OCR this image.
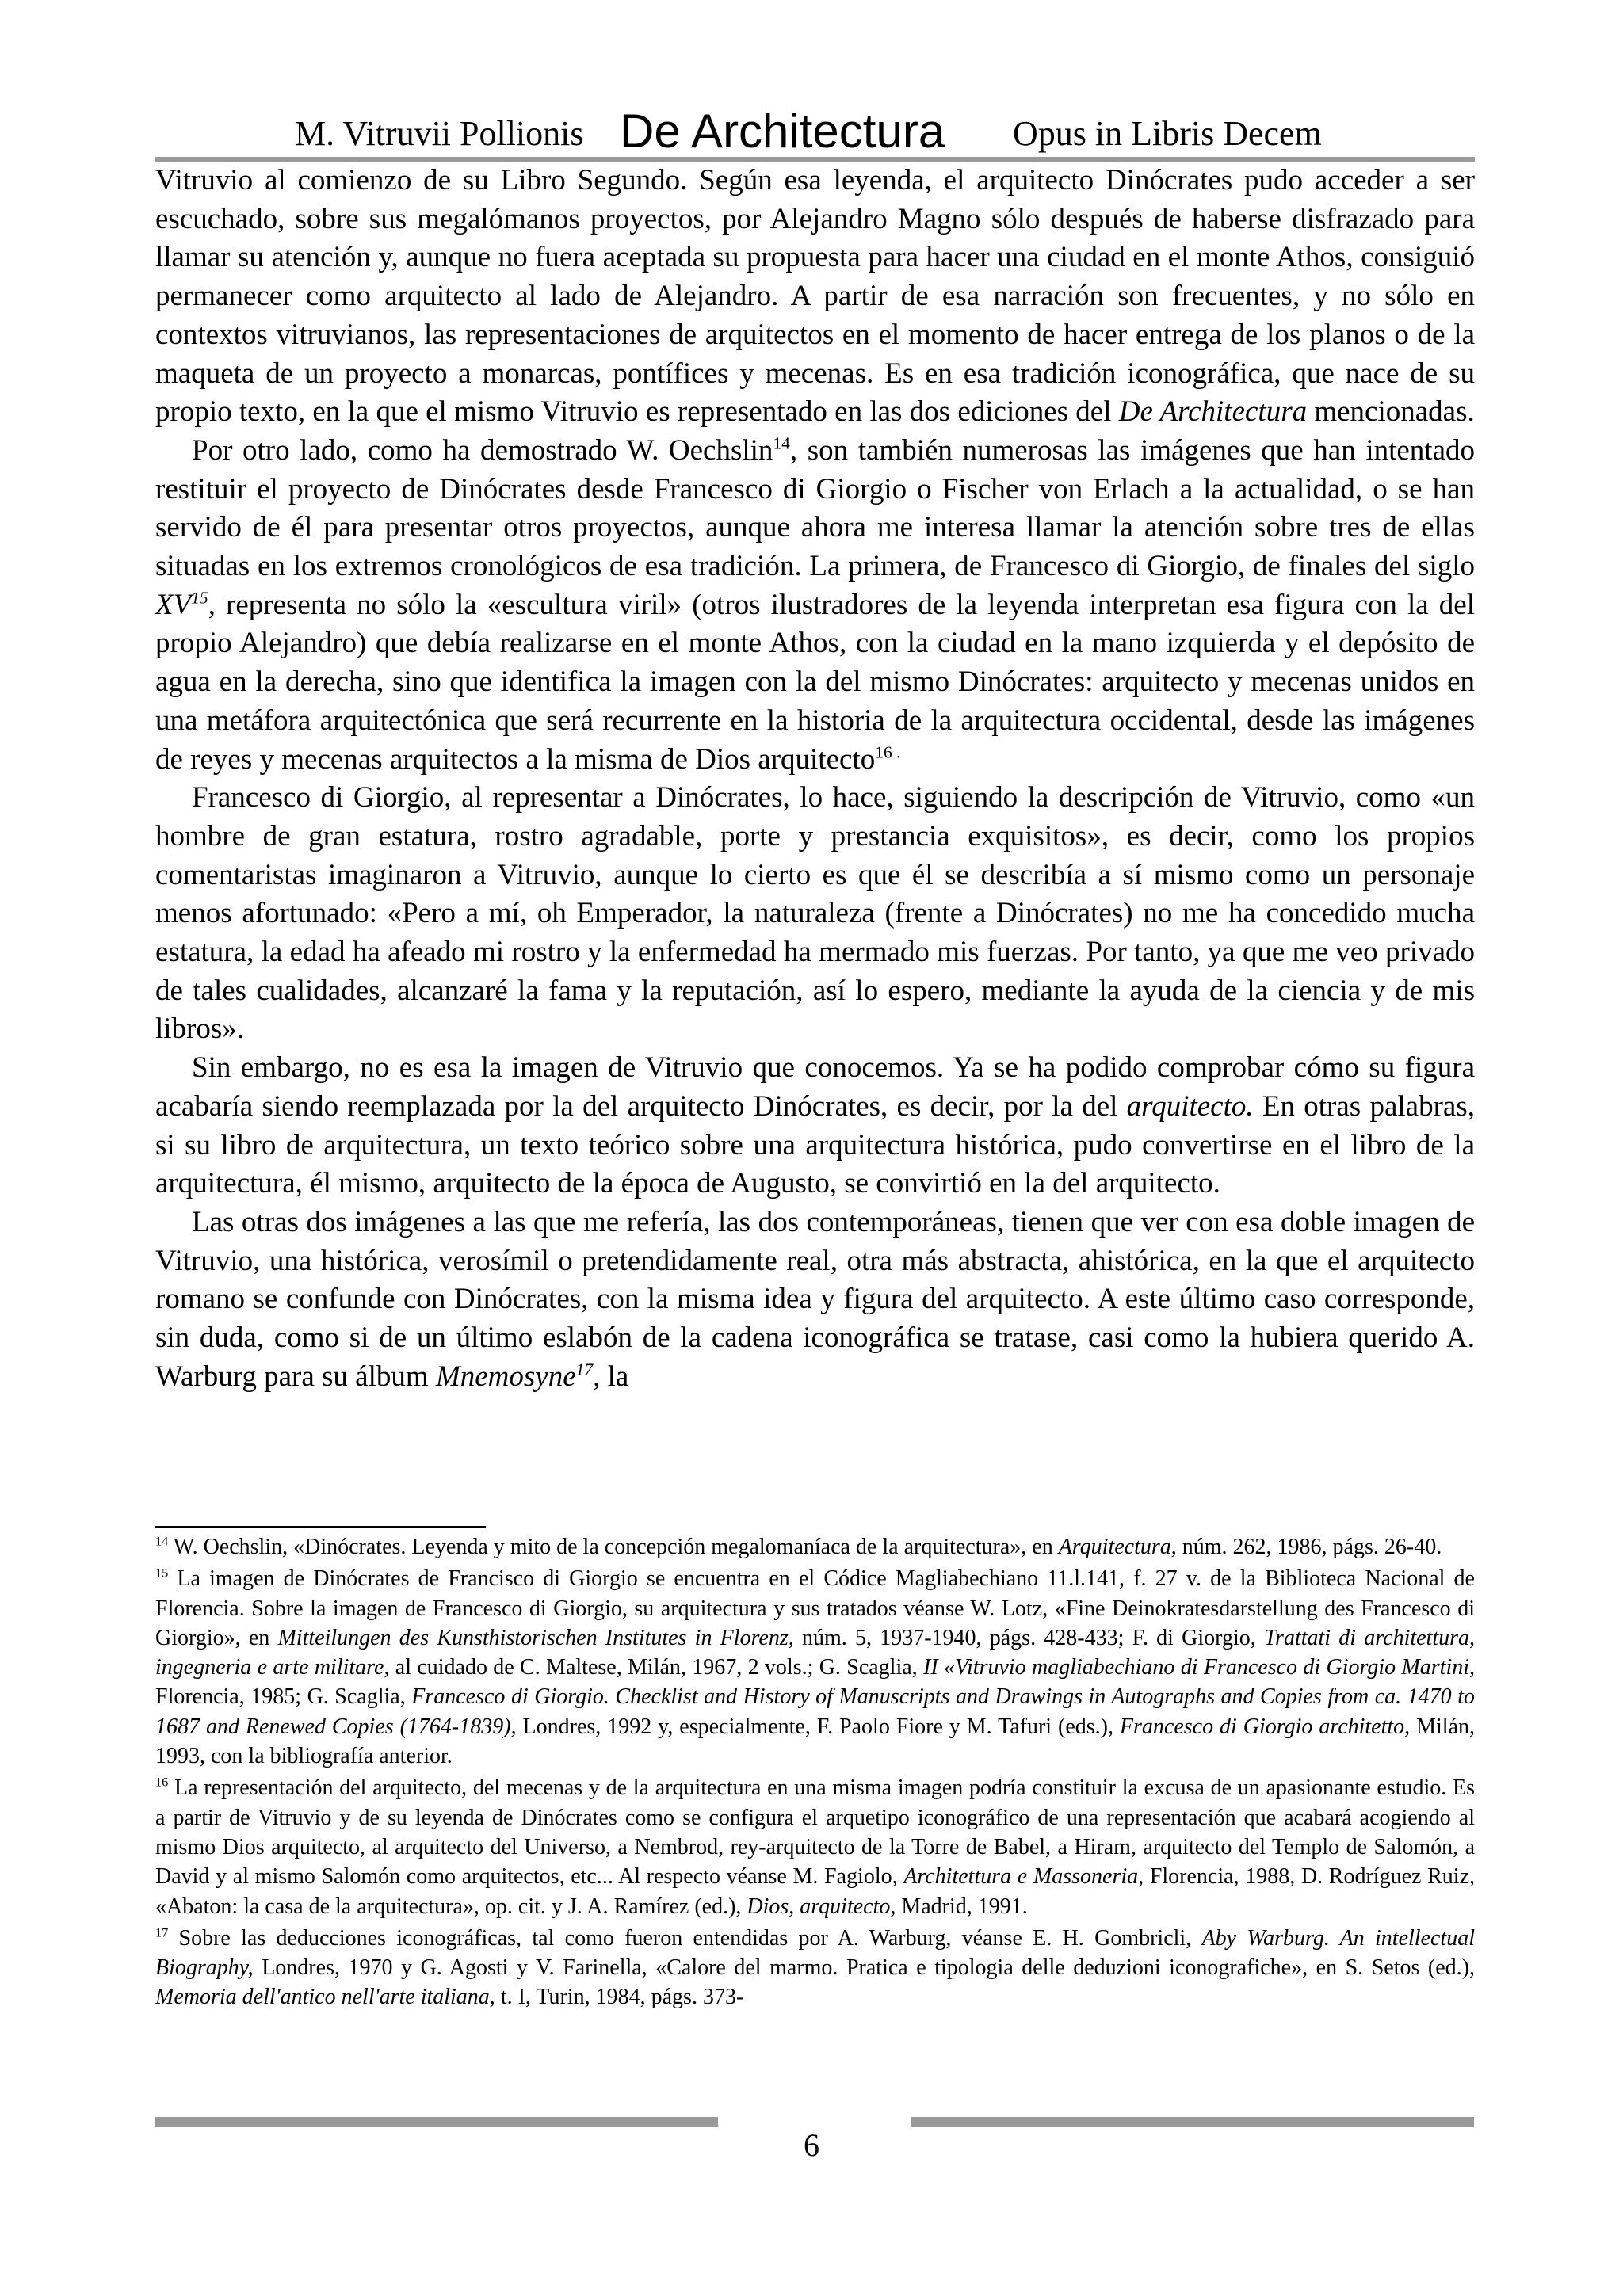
M. Vitruvii Pollionis De Architectura Opus in Libris Decem

Vitruvio al comienzo de su Libro Segundo. Según esa leyenda, el arquitecto Dinócrates pudo acceder a ser escuchado, sobre sus megalómanos proyectos, por Alejandro Magno sólo después de haberse disfrazado para llamar su atención y, aunque no fuera aceptada su propuesta para hacer una ciudad en el monte Athos, consiguió permanecer como arquitecto al lado de Alejandro. A partir de esa narración son frecuentes, y no sólo en contextos vitruvianos, las representaciones de arquitectos en el momento de hacer entrega de los planos o de la maqueta de un proyecto a monarcas, pontífices y mecenas. Es en esa tradición iconográfica, que nace de su propio texto, en la que el mismo Vitruvio es representado en las dos ediciones del De Architectura mencionadas.

Por otro lado, como ha demostrado W. Oechslin$^{14}$, son también numerosas las imágenes que han intentado restituir el proyecto de Dinócrates desde Francesco di Giorgio o Fischer von Erlach a la actualidad, o se han servido de él para presentar otros proyectos, aunque ahora me interesa llamar la atención sobre tres de ellas situadas en los extremos cronológicos de esa tradición. La primera, de Francesco di Giorgio, de finales del siglo XV$^{15}$, representa no sólo la «escultura viril» (otros ilustradores de la leyenda interpretan esa figura con la del propio Alejandro) que debía realizarse en el monte Athos, con la ciudad en la mano izquierda y el depósito de agua en la derecha, sino que identifica la imagen con la del mismo Dinócrates: arquitecto y mecenas unidos en una metáfora arquitectónica que será recurrente en la historia de la arquitectura occidental, desde las imágenes de reyes y mecenas arquitectos a la misma de Dios arquitecto$^{16 .}$

Francesco di Giorgio, al representar a Dinócrates, lo hace, siguiendo la descripción de Vitruvio, como «un hombre de gran estatura, rostro agradable, porte y prestancia exquisitos», es decir, como los propios comentaristas imaginaron a Vitruvio, aunque lo cierto es que él se describía a sí mismo como un personaje menos afortunado: «Pero a mí, oh Emperador, la naturaleza (frente a Dinócrates) no me ha concedido mucha estatura, la edad ha afeado mi rostro y la enfermedad ha mermado mis fuerzas. Por tanto, ya que me veo privado de tales cualidades, alcanzaré la fama y la reputación, así lo espero, mediante la ayuda de la ciencia y de mis libros».

Sin embargo, no es esa la imagen de Vitruvio que conocemos. Ya se ha podido comprobar cómo su figura acabaría siendo reemplazada por la del arquitecto Dinócrates, es decir, por la del arquitecto. En otras palabras, si su libro de arquitectura, un texto teórico sobre una arquitectura histórica, pudo convertirse en el libro de la arquitectura, él mismo, arquitecto de la época de Augusto, se convirtió en la del arquitecto.

Las otras dos imágenes a las que me refería, las dos contemporáneas, tienen que ver con esa doble imagen de Vitruvio, una histórica, verosímil o pretendidamente real, otra más abstracta, ahistórica, en la que el arquitecto romano se confunde con Dinócrates, con la misma idea y figura del arquitecto. A este último caso corresponde, sin duda, como si de un último eslabón de la cadena iconográfica se tratase, casi como la hubiera querido A. Warburg para su álbum Mnemosyne$^{17}$, la

$^{14}$ W. Oechslin, «Dinócrates. Leyenda y mito de la concepción megalomaníaca de la arquitectura», en Arquitectura, núm. 262, 1986, págs. 26-40.

$^{15}$ La imagen de Dinócrates de Francisco di Giorgio se encuentra en el Códice Magliabechiano 11.l.141, f. 27 v. de la Biblioteca Nacional de Florencia. Sobre la imagen de Francesco di Giorgio, su arquitectura y sus tratados véanse W. Lotz, «Fine Deinokratesdarstellung des Francesco di Giorgio», en Mitteilungen des Kunsthistorischen Institutes in Florenz, núm. 5, 1937-1940, págs. 428-433; F. di Giorgio, Trattati di architettura, ingegneria e arte militare, al cuidado de C. Maltese, Milán, 1967, 2 vols.; G. Scaglia, II «Vitruvio magliabechiano di Francesco di Giorgio Martini, Florencia, 1985; G. Scaglia, Francesco di Giorgio. Checklist and History of Manuscripts and Drawings in Autographs and Copies from ca. 1470 to 1687 and Renewed Copies (1764-1839), Londres, 1992 y, especialmente, F. Paolo Fiore y M. Tafuri (eds.), Francesco di Giorgio architetto, Milán, 1993, con la bibliografía anterior.

$^{16}$ La representación del arquitecto, del mecenas y de la arquitectura en una misma imagen podría constituir la excusa de un apasionante estudio. Es a partir de Vitruvio y de su leyenda de Dinócrates como se configura el arquetipo iconográfico de una representación que acabará acogiendo al mismo Dios arquitecto, al arquitecto del Universo, a Nembrod, rey-arquitecto de la Torre de Babel, a Hiram, arquitecto del Templo de Salomón, a David y al mismo Salomón como arquitectos, etc... Al respecto véanse M. Fagiolo, Architettura e Massoneria, Florencia, 1988, D. Rodríguez Ruiz, «Abaton: la casa de la arquitectura», op. cit. y J. A. Ramírez (ed.), Dios, arquitecto, Madrid, 1991.

$^{17}$ Sobre las deducciones iconográficas, tal como fueron entendidas por A. Warburg, véanse E. H. Gombricli, Aby Warburg. An intellectual Biography, Londres, 1970 y G. Agosti y V. Farinella, «Calore del marmo. Pratica e tipologia delle deduzioni iconografiche», en S. Setos (ed.), Memoria dell'antico nell'arte italiana, t. I, Turin, 1984, págs. 373-

6
